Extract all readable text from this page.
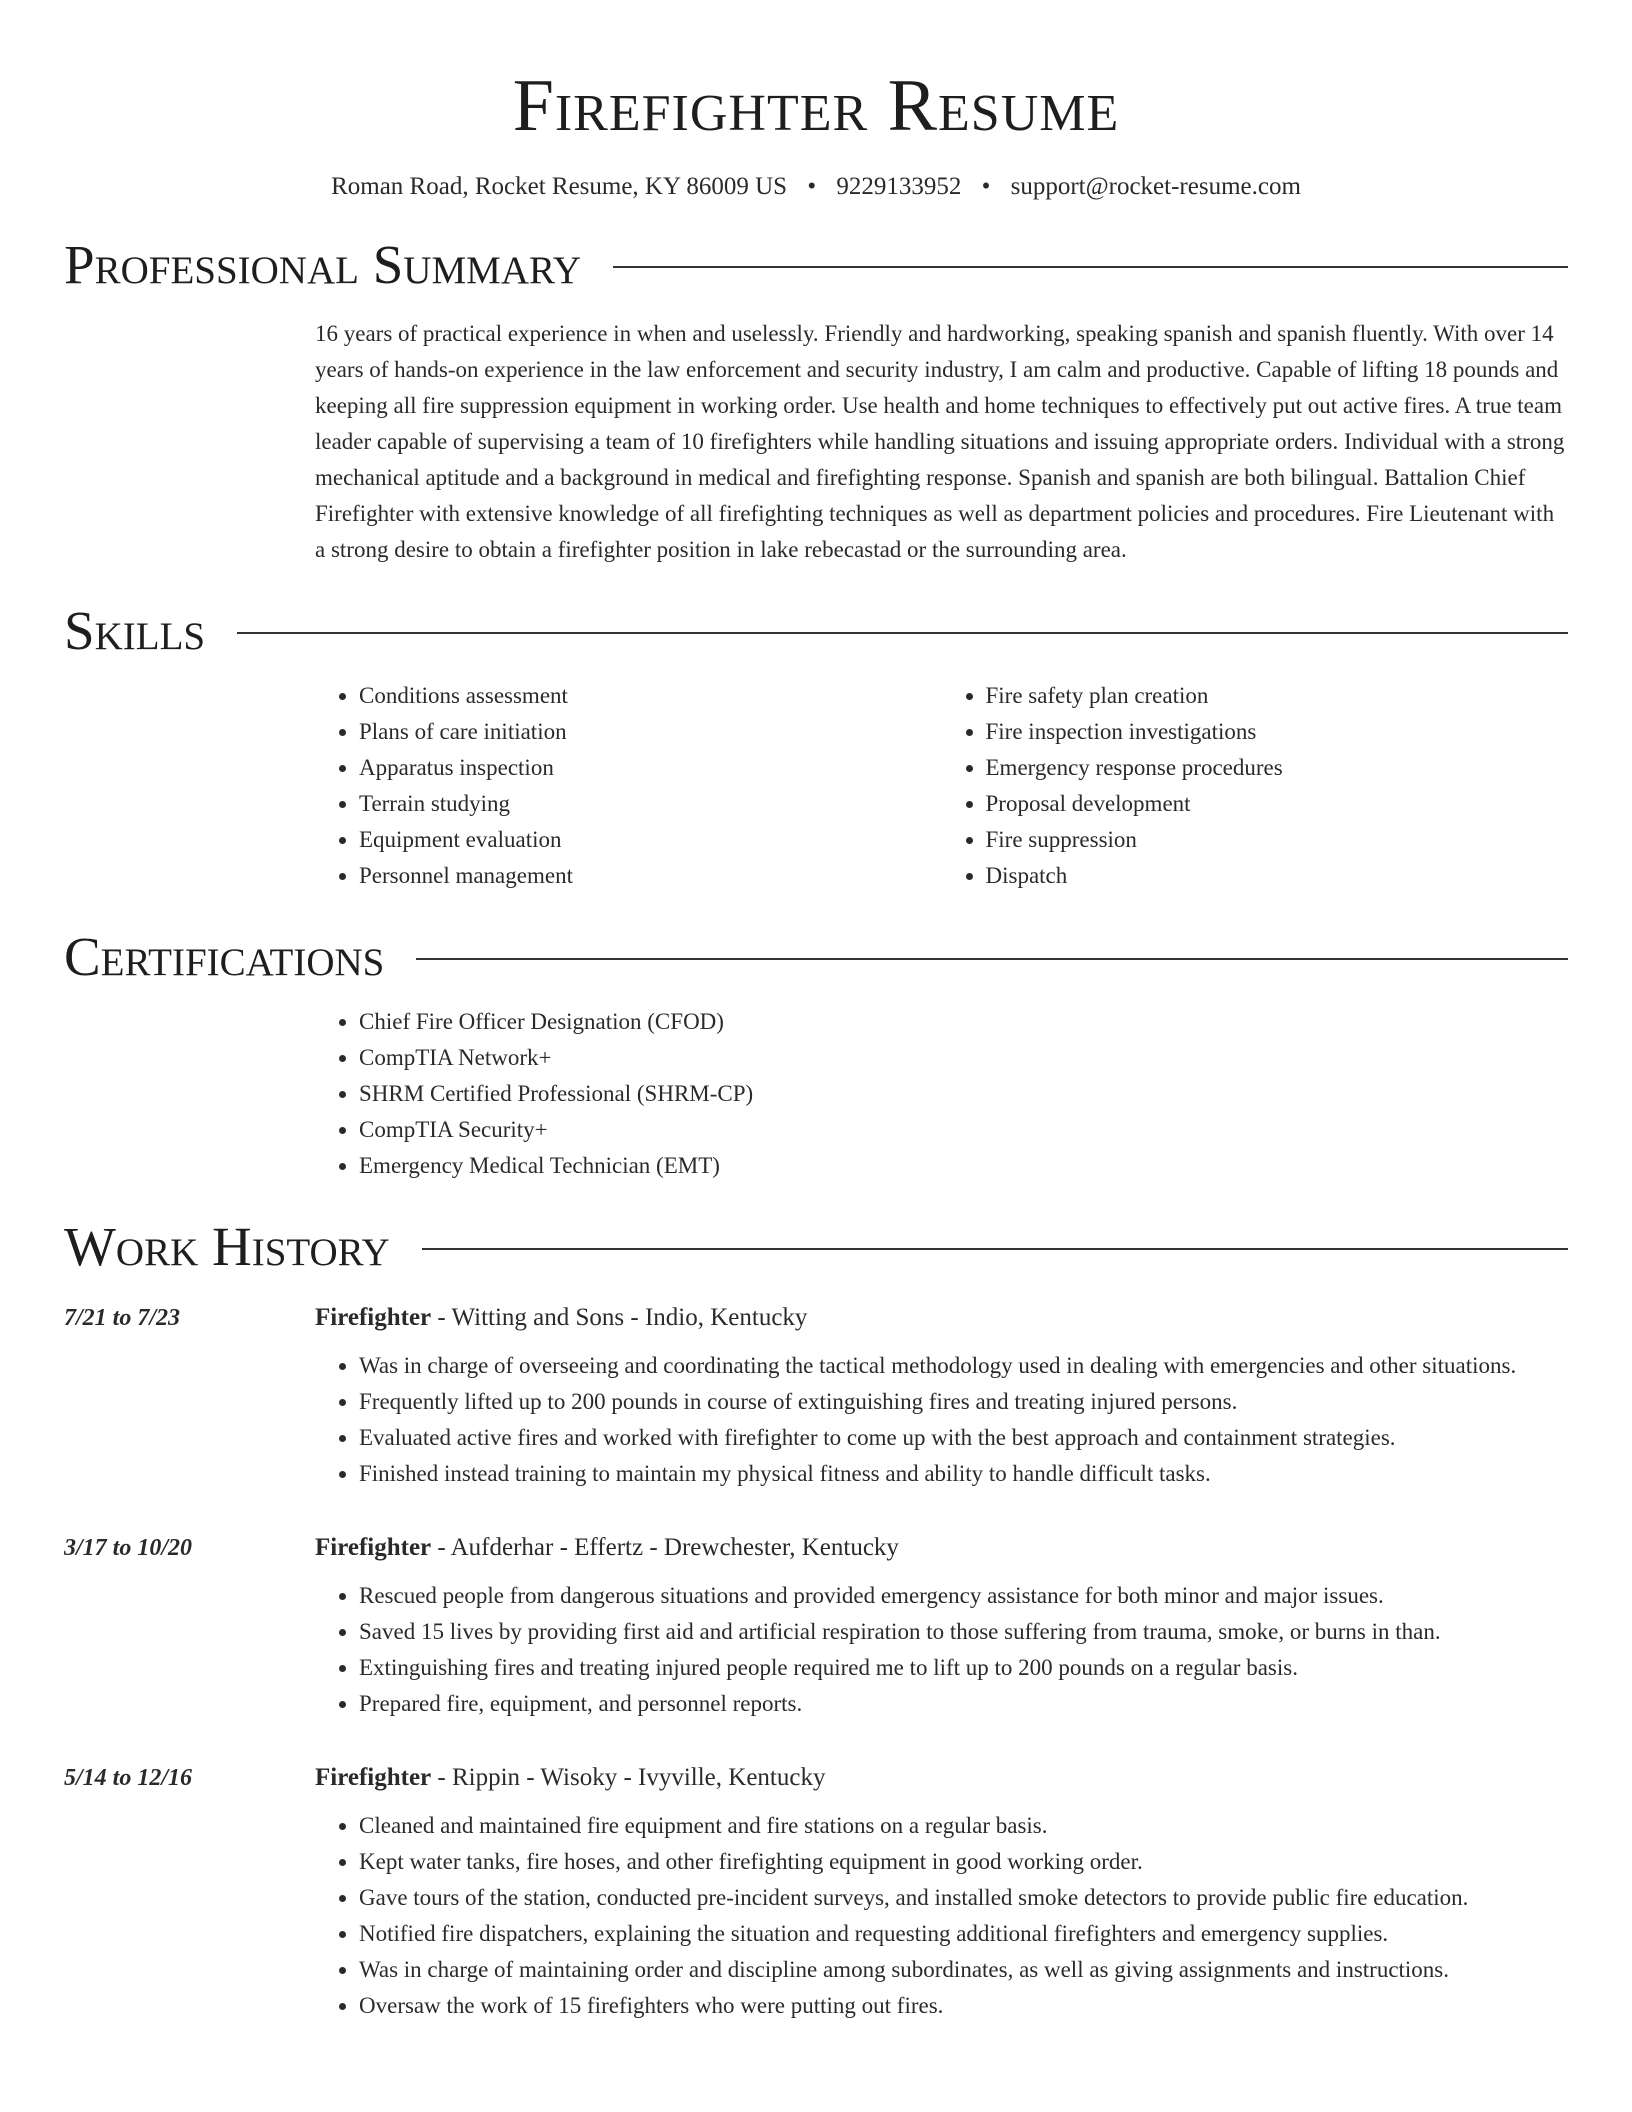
Firefighter Resume
Roman Road, Rocket Resume, KY 86009 US • 9229133952 • support@rocket-resume.com
Professional Summary
16 years of practical experience in when and uselessly. Friendly and hardworking, speaking spanish and spanish fluently. With over 14 years of hands-on experience in the law enforcement and security industry, I am calm and productive. Capable of lifting 18 pounds and keeping all fire suppression equipment in working order. Use health and home techniques to effectively put out active fires. A true team leader capable of supervising a team of 10 firefighters while handling situations and issuing appropriate orders. Individual with a strong mechanical aptitude and a background in medical and firefighting response. Spanish and spanish are both bilingual. Battalion Chief Firefighter with extensive knowledge of all firefighting techniques as well as department policies and procedures. Fire Lieutenant with a strong desire to obtain a firefighter position in lake rebecastad or the surrounding area.
Skills
• Conditions assessment
• Plans of care initiation
• Apparatus inspection
• Terrain studying
• Equipment evaluation
• Personnel management
• Fire safety plan creation
• Fire inspection investigations
• Emergency response procedures
• Proposal development
• Fire suppression
• Dispatch
Certifications
• Chief Fire Officer Designation (CFOD)
• CompTIA Network+
• SHRM Certified Professional (SHRM-CP)
• CompTIA Security+
• Emergency Medical Technician (EMT)
Work History
7/21 to 7/23	Firefighter - Witting and Sons - Indio, Kentucky
• Was in charge of overseeing and coordinating the tactical methodology used in dealing with emergencies and other situations.
• Frequently lifted up to 200 pounds in course of extinguishing fires and treating injured persons.
• Evaluated active fires and worked with firefighter to come up with the best approach and containment strategies.
• Finished instead training to maintain my physical fitness and ability to handle difficult tasks.
3/17 to 10/20	Firefighter - Aufderhar - Effertz - Drewchester, Kentucky
• Rescued people from dangerous situations and provided emergency assistance for both minor and major issues.
• Saved 15 lives by providing first aid and artificial respiration to those suffering from trauma, smoke, or burns in than.
• Extinguishing fires and treating injured people required me to lift up to 200 pounds on a regular basis.
• Prepared fire, equipment, and personnel reports.
5/14 to 12/16	Firefighter - Rippin - Wisoky - Ivyville, Kentucky
• Cleaned and maintained fire equipment and fire stations on a regular basis.
• Kept water tanks, fire hoses, and other firefighting equipment in good working order.
• Gave tours of the station, conducted pre-incident surveys, and installed smoke detectors to provide public fire education.
• Notified fire dispatchers, explaining the situation and requesting additional firefighters and emergency supplies.
• Was in charge of maintaining order and discipline among subordinates, as well as giving assignments and instructions.
• Oversaw the work of 15 firefighters who were putting out fires.
